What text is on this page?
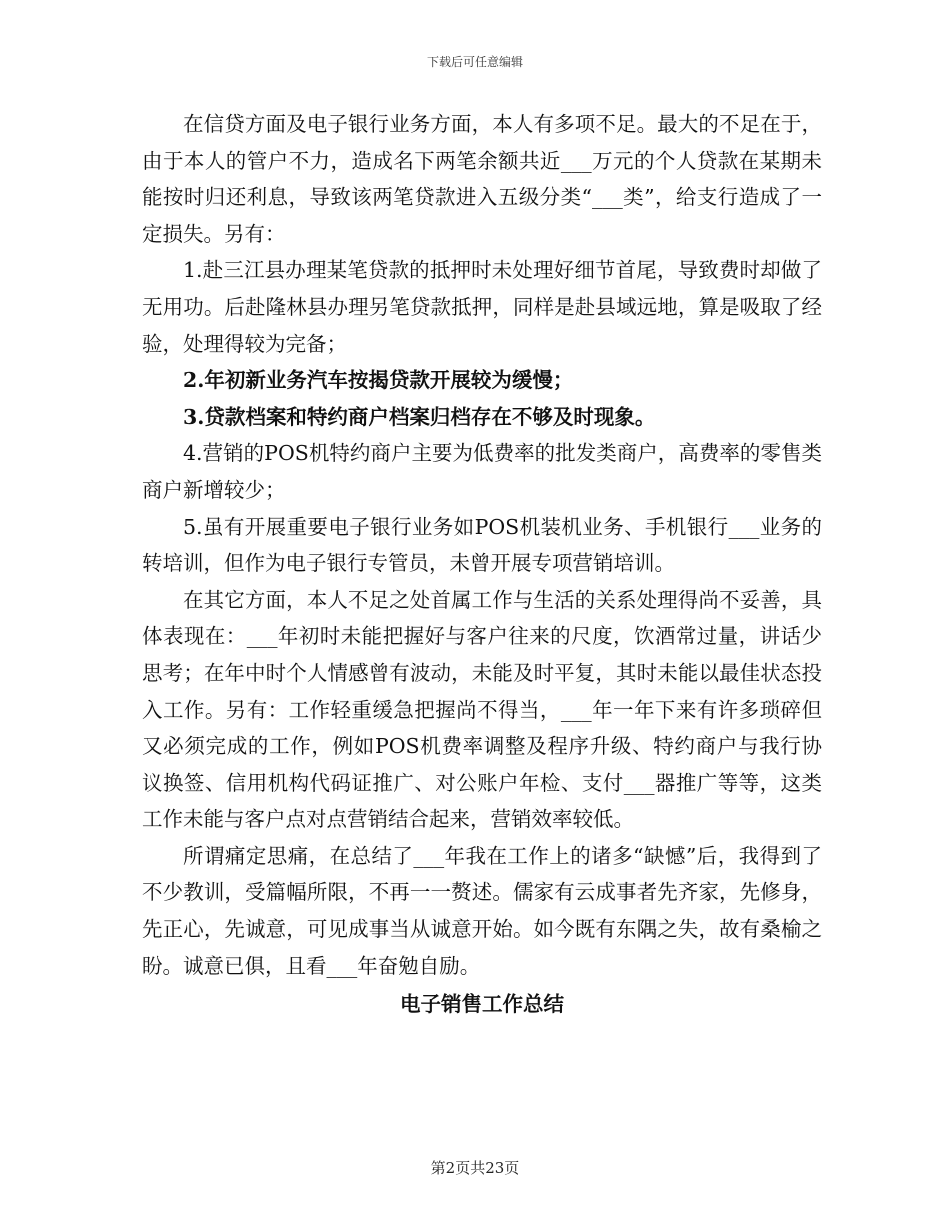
下载后可任意编辑

在信贷方面及电子银行业务方面，本人有多项不足。最大的不足在于，由于本人的管户不力，造成名下两笔余额共近___万元的个人贷款在某期未能按时归还利息，导致该两笔贷款进入五级分类“___类”，给支行造成了一定损失。另有：

1.赴三江县办理某笔贷款的抵押时未处理好细节首尾，导致费时却做了无用功。后赴隆林县办理另笔贷款抵押，同样是赴县域远地，算是吸取了经验，处理得较为完备；

2.年初新业务汽车按揭贷款开展较为缓慢；

3.贷款档案和特约商户档案归档存在不够及时现象。

4.营销的POS机特约商户主要为低费率的批发类商户，高费率的零售类商户新增较少；

5.虽有开展重要电子银行业务如POS机装机业务、手机银行___业务的转培训，但作为电子银行专管员，未曾开展专项营销培训。

在其它方面，本人不足之处首属工作与生活的关系处理得尚不妥善，具体表现在：___年初时未能把握好与客户往来的尺度，饮酒常过量，讲话少思考；在年中时个人情感曾有波动，未能及时平复，其时未能以最佳状态投入工作。另有：工作轻重缓急把握尚不得当，___年一年下来有许多琐碎但又必须完成的工作，例如POS机费率调整及程序升级、特约商户与我行协议换签、信用机构代码证推广、对公账户年检、支付___器推广等等，这类工作未能与客户点对点营销结合起来，营销效率较低。

所谓痛定思痛，在总结了___年我在工作上的诸多“缺憾”后，我得到了不少教训，受篇幅所限，不再一一赘述。儒家有云成事者先齐家，先修身，先正心，先诚意，可见成事当从诚意开始。如今既有东隅之失，故有桑榆之盼。诚意已俱，且看___年奋勉自励。

电子销售工作总结

第2页共23页
